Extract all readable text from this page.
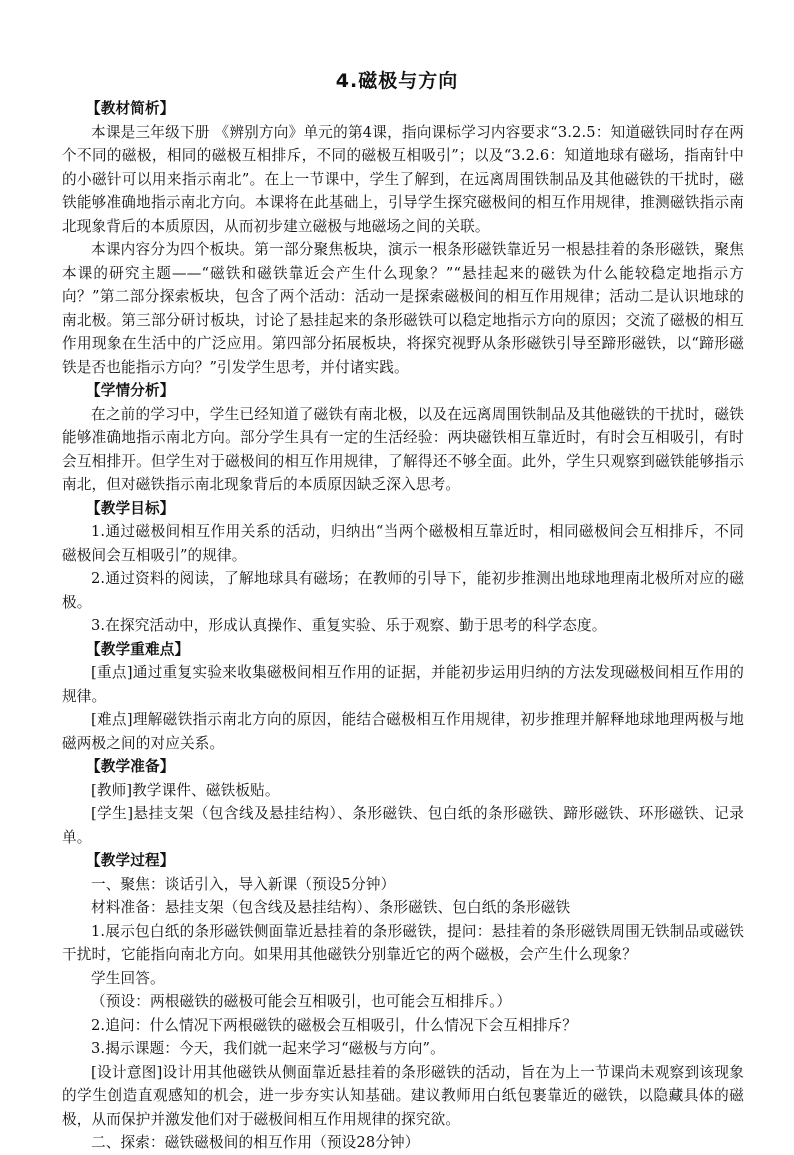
4.磁极与方向

【教材简析】

本课是三年级下册 《辨别方向》单元的第4课，指向课标学习内容要求“3.2.5：知道磁铁同时存在两个不同的磁极，相同的磁极互相排斥，不同的磁极互相吸引”；以及“3.2.6：知道地球有磁场，指南针中的小磁针可以用来指示南北”。在上一节课中，学生了解到，在远离周围铁制品及其他磁铁的干扰时，磁铁能够准确地指示南北方向。本课将在此基础上，引导学生探究磁极间的相互作用规律，推测磁铁指示南北现象背后的本质原因，从而初步建立磁极与地磁场之间的关联。

本课内容分为四个板块。第一部分聚焦板块，演示一根条形磁铁靠近另一根悬挂着的条形磁铁，聚焦本课的研究主题——“磁铁和磁铁靠近会产生什么现象？”“悬挂起来的磁铁为什么能较稳定地指示方向？”第二部分探索板块，包含了两个活动：活动一是探索磁极间的相互作用规律；活动二是认识地球的南北极。第三部分研讨板块，讨论了悬挂起来的条形磁铁可以稳定地指示方向的原因；交流了磁极的相互作用现象在生活中的广泛应用。第四部分拓展板块，将探究视野从条形磁铁引导至蹄形磁铁，以“蹄形磁铁是否也能指示方向？”引发学生思考，并付诸实践。

【学情分析】

在之前的学习中，学生已经知道了磁铁有南北极，以及在远离周围铁制品及其他磁铁的干扰时，磁铁能够准确地指示南北方向。部分学生具有一定的生活经验：两块磁铁相互靠近时，有时会互相吸引，有时会互相排开。但学生对于磁极间的相互作用规律，了解得还不够全面。此外，学生只观察到磁铁能够指示南北，但对磁铁指示南北现象背后的本质原因缺乏深入思考。

【教学目标】

1.通过磁极间相互作用关系的活动，归纳出“当两个磁极相互靠近时，相同磁极间会互相排斥，不同磁极间会互相吸引”的规律。

2.通过资料的阅读，了解地球具有磁场；在教师的引导下，能初步推测出地球地理南北极所对应的磁极。

3.在探究活动中，形成认真操作、重复实验、乐于观察、勤于思考的科学态度。

【教学重难点】

[重点]通过重复实验来收集磁极间相互作用的证据，并能初步运用归纳的方法发现磁极间相互作用的规律。

[难点]理解磁铁指示南北方向的原因，能结合磁极相互作用规律，初步推理并解释地球地理两极与地磁两极之间的对应关系。

【教学准备】

[教师]教学课件、磁铁板贴。

[学生]悬挂支架（包含线及悬挂结构）、条形磁铁、包白纸的条形磁铁、蹄形磁铁、环形磁铁、记录单。

【教学过程】

一、聚焦：谈话引入，导入新课（预设5分钟）

材料准备：悬挂支架（包含线及悬挂结构）、条形磁铁、包白纸的条形磁铁

1.展示包白纸的条形磁铁侧面靠近悬挂着的条形磁铁，提问：悬挂着的条形磁铁周围无铁制品或磁铁干扰时，它能指向南北方向。如果用其他磁铁分别靠近它的两个磁极，会产生什么现象？

学生回答。

（预设：两根磁铁的磁极可能会互相吸引，也可能会互相排斥。）

2.追问：什么情况下两根磁铁的磁极会互相吸引，什么情况下会互相排斥？

3.揭示课题：今天，我们就一起来学习“磁极与方向”。

[设计意图]设计用其他磁铁从侧面靠近悬挂着的条形磁铁的活动，旨在为上一节课尚未观察到该现象的学生创造直观感知的机会，进一步夯实认知基础。建议教师用白纸包裹靠近的磁铁，以隐藏具体的磁极，从而保护并激发他们对于磁极间相互作用规律的探究欲。

二、探索：磁铁磁极间的相互作用（预设28分钟）
